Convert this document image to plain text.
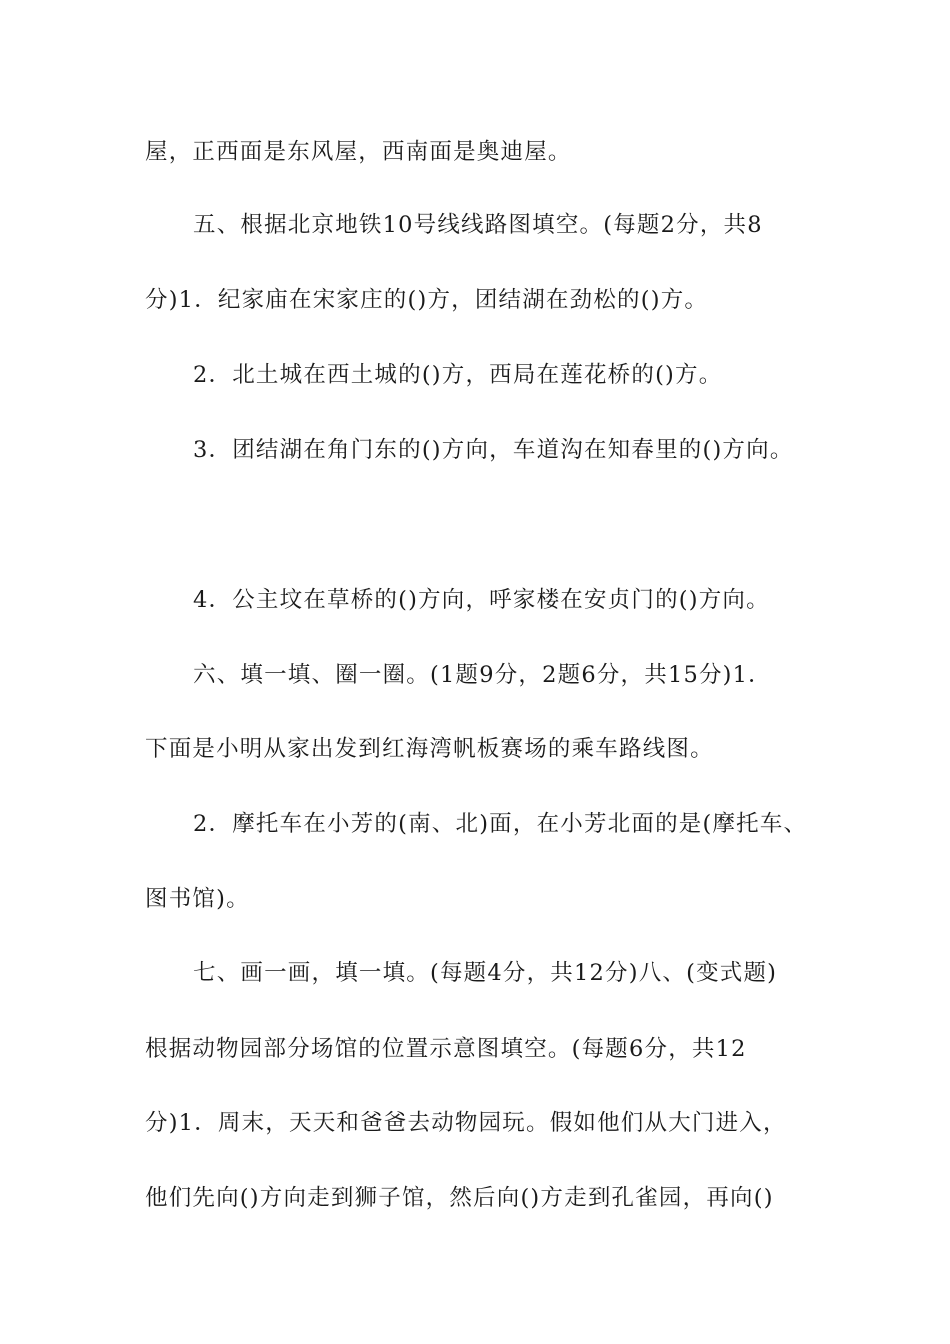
屋，正西面是东风屋，西南面是奥迪屋。
五、根据北京地铁10号线线路图填空。(每题2分，共8
分)1．纪家庙在宋家庄的()方，团结湖在劲松的()方。
2．北土城在西土城的()方，西局在莲花桥的()方。
3．团结湖在角门东的()方向，车道沟在知春里的()方向。
4．公主坟在草桥的()方向，呼家楼在安贞门的()方向。
六、填一填、圈一圈。(1题9分，2题6分，共15分)1．
下面是小明从家出发到红海湾帆板赛场的乘车路线图。
2．摩托车在小芳的(南、北)面，在小芳北面的是(摩托车、
图书馆)。
七、画一画，填一填。(每题4分，共12分)八、(变式题)
根据动物园部分场馆的位置示意图填空。(每题6分，共12
分)1．周末，天天和爸爸去动物园玩。假如他们从大门进入，
他们先向()方向走到狮子馆，然后向()方走到孔雀园，再向()
